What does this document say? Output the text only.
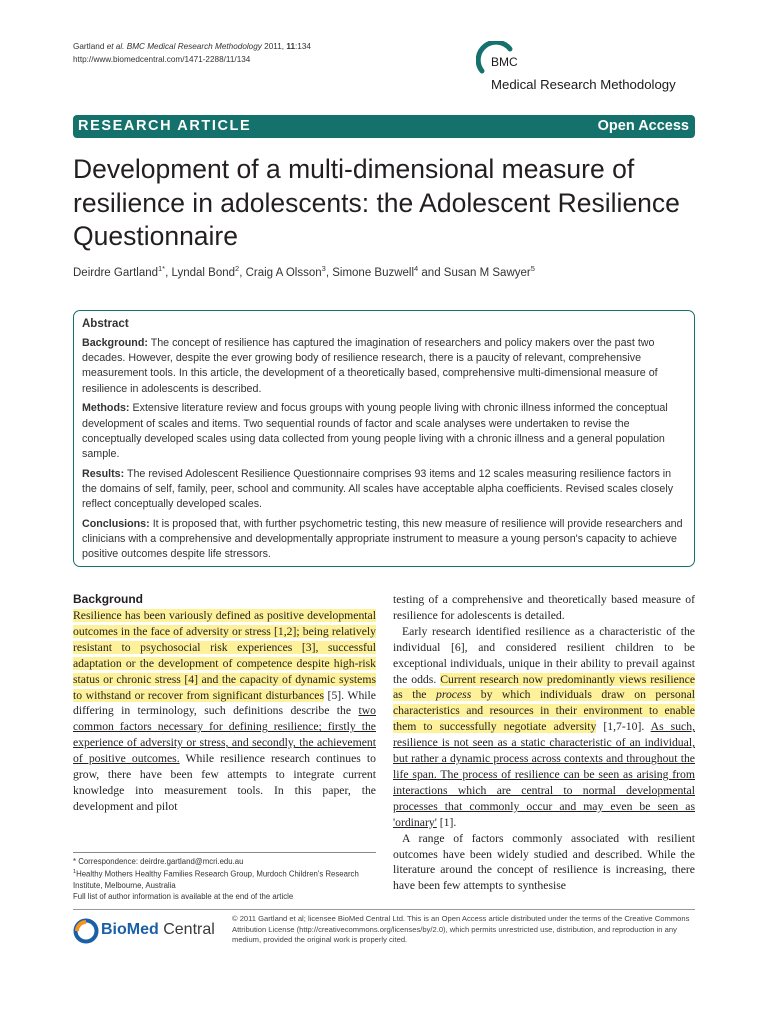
Gartland et al. BMC Medical Research Methodology 2011, 11:134
http://www.biomedcentral.com/1471-2288/11/134	BMC
Medical Research Methodology
RESEARCH ARTICLE	Open Access
Development of a multi-dimensional measure of resilience in adolescents: the Adolescent Resilience Questionnaire
Deirdre Gartland$^{1*}$, Lyndal Bond$^2$, Craig A Olsson$^3$, Simone Buzwell$^4$ and Susan M Sawyer$^5$
Abstract
Background: The concept of resilience has captured the imagination of researchers and policy makers over the past two decades. However, despite the ever growing body of resilience research, there is a paucity of relevant, comprehensive measurement tools. In this article, the development of a theoretically based, comprehensive multi-dimensional measure of resilience in adolescents is described.
Methods: Extensive literature review and focus groups with young people living with chronic illness informed the conceptual development of scales and items. Two sequential rounds of factor and scale analyses were undertaken to revise the conceptually developed scales using data collected from young people living with a chronic illness and a general population sample.
Results: The revised Adolescent Resilience Questionnaire comprises 93 items and 12 scales measuring resilience factors in the domains of self, family, peer, school and community. All scales have acceptable alpha coefficients. Revised scales closely reflect conceptually developed scales.
Conclusions: It is proposed that, with further psychometric testing, this new measure of resilience will provide researchers and clinicians with a comprehensive and developmentally appropriate instrument to measure a young person's capacity to achieve positive outcomes despite life stressors.
Background

Resilience has been variously defined as positive developmental outcomes in the face of adversity or stress [1,2]; being relatively resistant to psychosocial risk experiences [3], successful adaptation or the development of competence despite high-risk status or chronic stress [4] and the capacity of dynamic systems to withstand or recover from significant disturbances [5]. While differing in terminology, such definitions describe the two common factors necessary for defining resilience; firstly the experience of adversity or stress, and secondly, the achievement of positive outcomes. While resilience research continues to grow, there have been few attempts to integrate current knowledge into measurement tools. In this paper, the development and pilot

testing of a comprehensive and theoretically based measure of resilience for adolescents is detailed.

Early research identified resilience as a characteristic of the individual [6], and considered resilient children to be exceptional individuals, unique in their ability to prevail against the odds. Current research now predominantly views resilience as the process by which individuals draw on personal characteristics and resources in their environment to enable them to successfully negotiate adversity [1,7-10]. As such, resilience is not seen as a static characteristic of an individual, but rather a dynamic process across contexts and throughout the life span. The process of resilience can be seen as arising from interactions which are central to normal developmental processes that commonly occur and may even be seen as 'ordinary' [1].

A range of factors commonly associated with resilient outcomes have been widely studied and described. While the literature around the concept of resilience is increasing, there have been few attempts to synthesise

* Correspondence: deirdre.gartland@mcri.edu.au
$^1$Healthy Mothers Healthy Families Research Group, Murdoch Children's Research Institute, Melbourne, Australia
Full list of author information is available at the end of the article
BioMed Central
© 2011 Gartland et al; licensee BioMed Central Ltd. This is an Open Access article distributed under the terms of the Creative Commons Attribution License (http://creativecommons.org/licenses/by/2.0), which permits unrestricted use, distribution, and reproduction in any medium, provided the original work is properly cited.
